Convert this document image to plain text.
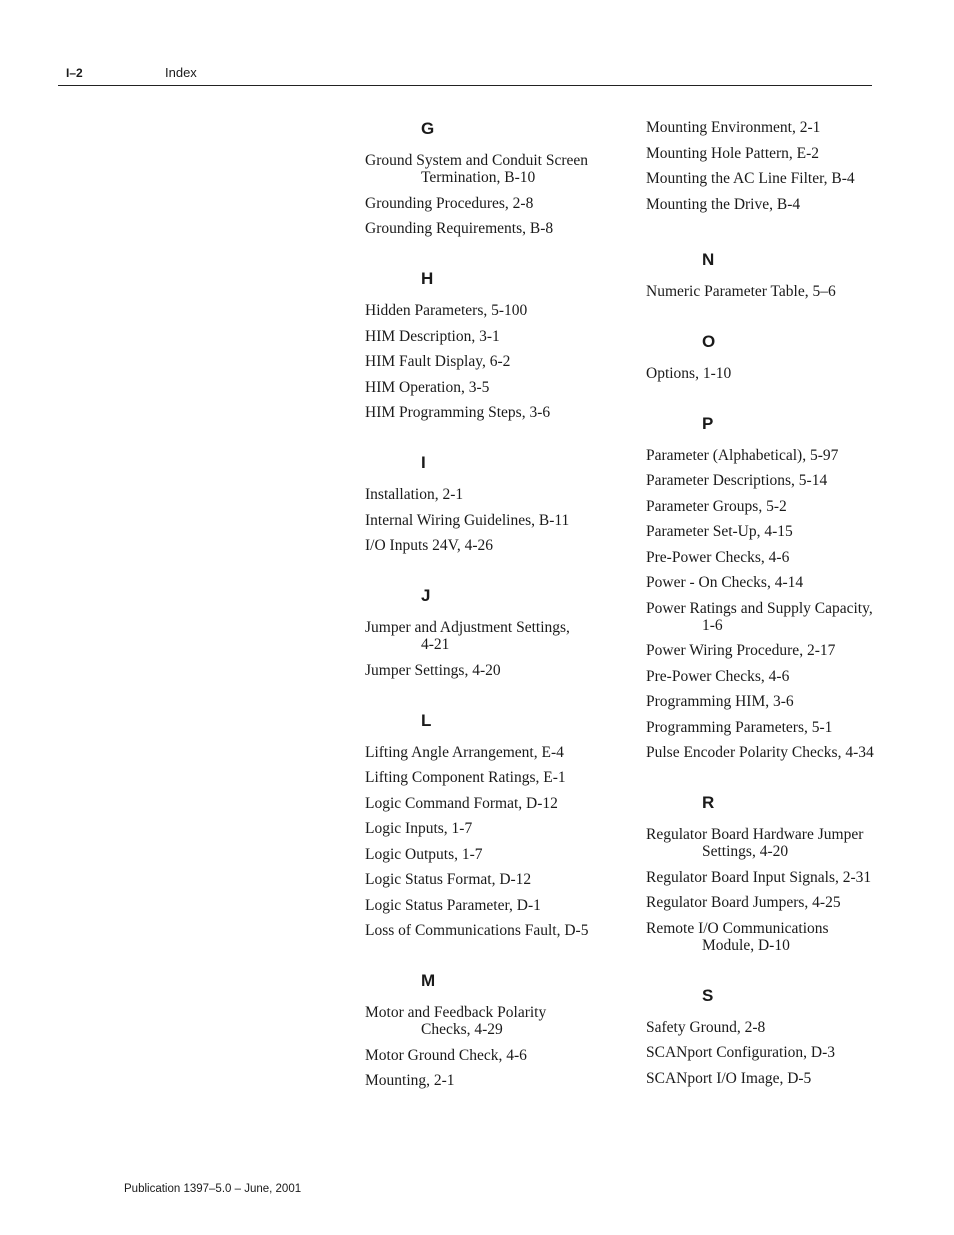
I–2	Index
G
Ground System and Conduit Screen
Termination, B-10
Grounding Procedures, 2-8
Grounding Requirements, B-8
H
Hidden Parameters, 5-100
HIM Description, 3-1
HIM Fault Display, 6-2
HIM Operation, 3-5
HIM Programming Steps, 3-6
I
Installation, 2-1
Internal Wiring Guidelines, B-11
I/O Inputs 24V, 4-26
J
Jumper and Adjustment Settings,
4-21
Jumper Settings, 4-20
L
Lifting Angle Arrangement, E-4
Lifting Component Ratings, E-1
Logic Command Format, D-12
Logic Inputs, 1-7
Logic Outputs, 1-7
Logic Status Format, D-12
Logic Status Parameter, D-1
Loss of Communications Fault, D-5
M
Motor and Feedback Polarity
Checks, 4-29
Motor Ground Check, 4-6
Mounting, 2-1
Mounting Environment, 2-1
Mounting Hole Pattern, E-2
Mounting the AC Line Filter, B-4
Mounting the Drive, B-4
N
Numeric Parameter Table, 5–6
O
Options, 1-10
P
Parameter (Alphabetical), 5-97
Parameter Descriptions, 5-14
Parameter Groups, 5-2
Parameter Set-Up, 4-15
Pre-Power Checks, 4-6
Power - On Checks, 4-14
Power Ratings and Supply Capacity,
1-6
Power Wiring Procedure, 2-17
Pre-Power Checks, 4-6
Programming HIM, 3-6
Programming Parameters, 5-1
Pulse Encoder Polarity Checks, 4-34
R
Regulator Board Hardware Jumper
Settings, 4-20
Regulator Board Input Signals, 2-31
Regulator Board Jumpers, 4-25
Remote I/O Communications
Module, D-10
S
Safety Ground, 2-8
SCANport Configuration, D-3
SCANport I/O Image, D-5
Publication 1397–5.0 – June, 2001
